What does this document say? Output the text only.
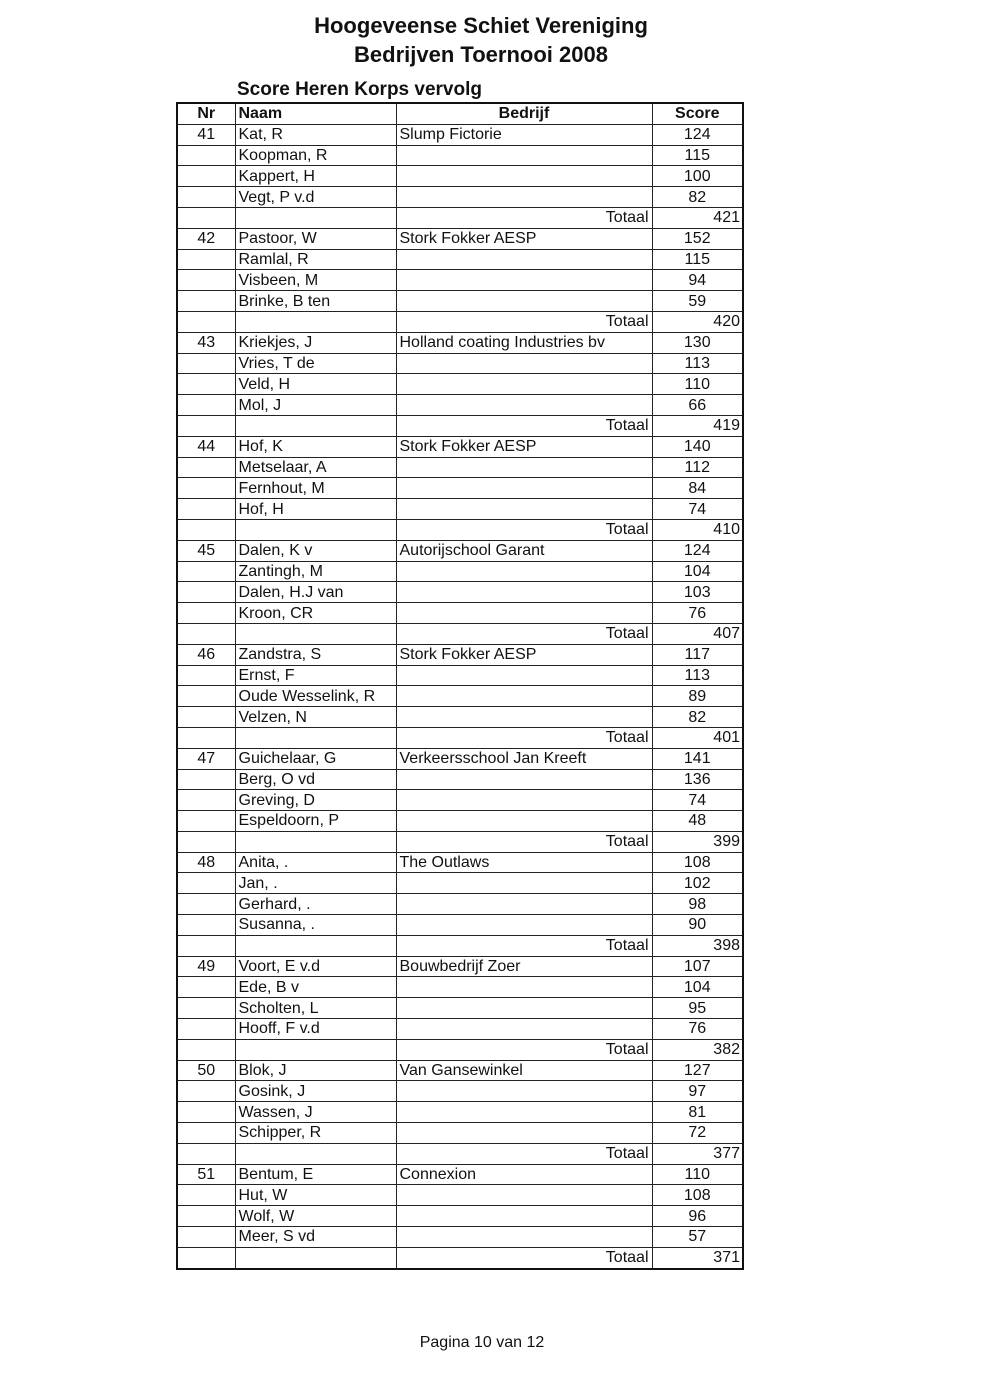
Hoogeveense Schiet Vereniging
Bedrijven Toernooi 2008
Score Heren Korps vervolg
Nr	Naam	Bedrijf	Score
41	Kat, R	Slump Fictorie	124
	Koopman, R		115
	Kappert, H		100
	Vegt, P v.d		82
		Totaal	421
42	Pastoor, W	Stork Fokker AESP	152
	Ramlal, R		115
	Visbeen, M		94
	Brinke, B ten		59
		Totaal	420
43	Kriekjes, J	Holland coating Industries bv	130
	Vries, T de		113
	Veld, H		110
	Mol, J		66
		Totaal	419
44	Hof, K	Stork Fokker AESP	140
	Metselaar, A		112
	Fernhout, M		84
	Hof, H		74
		Totaal	410
45	Dalen, K v	Autorijschool Garant	124
	Zantingh, M		104
	Dalen, H.J van		103
	Kroon, CR		76
		Totaal	407
46	Zandstra, S	Stork Fokker AESP	117
	Ernst, F		113
	Oude Wesselink, R		89
	Velzen, N		82
		Totaal	401
47	Guichelaar, G	Verkeersschool Jan Kreeft	141
	Berg, O vd		136
	Greving, D		74
	Espeldoorn, P		48
		Totaal	399
48	Anita, .	The Outlaws	108
	Jan, .		102
	Gerhard, .		98
	Susanna, .		90
		Totaal	398
49	Voort, E v.d	Bouwbedrijf Zoer	107
	Ede, B v		104
	Scholten, L		95
	Hooff, F v.d		76
		Totaal	382
50	Blok, J	Van Gansewinkel	127
	Gosink, J		97
	Wassen, J		81
	Schipper, R		72
		Totaal	377
51	Bentum, E	Connexion	110
	Hut, W		108
	Wolf, W		96
	Meer, S vd		57
		Totaal	371
Pagina 10 van 12
